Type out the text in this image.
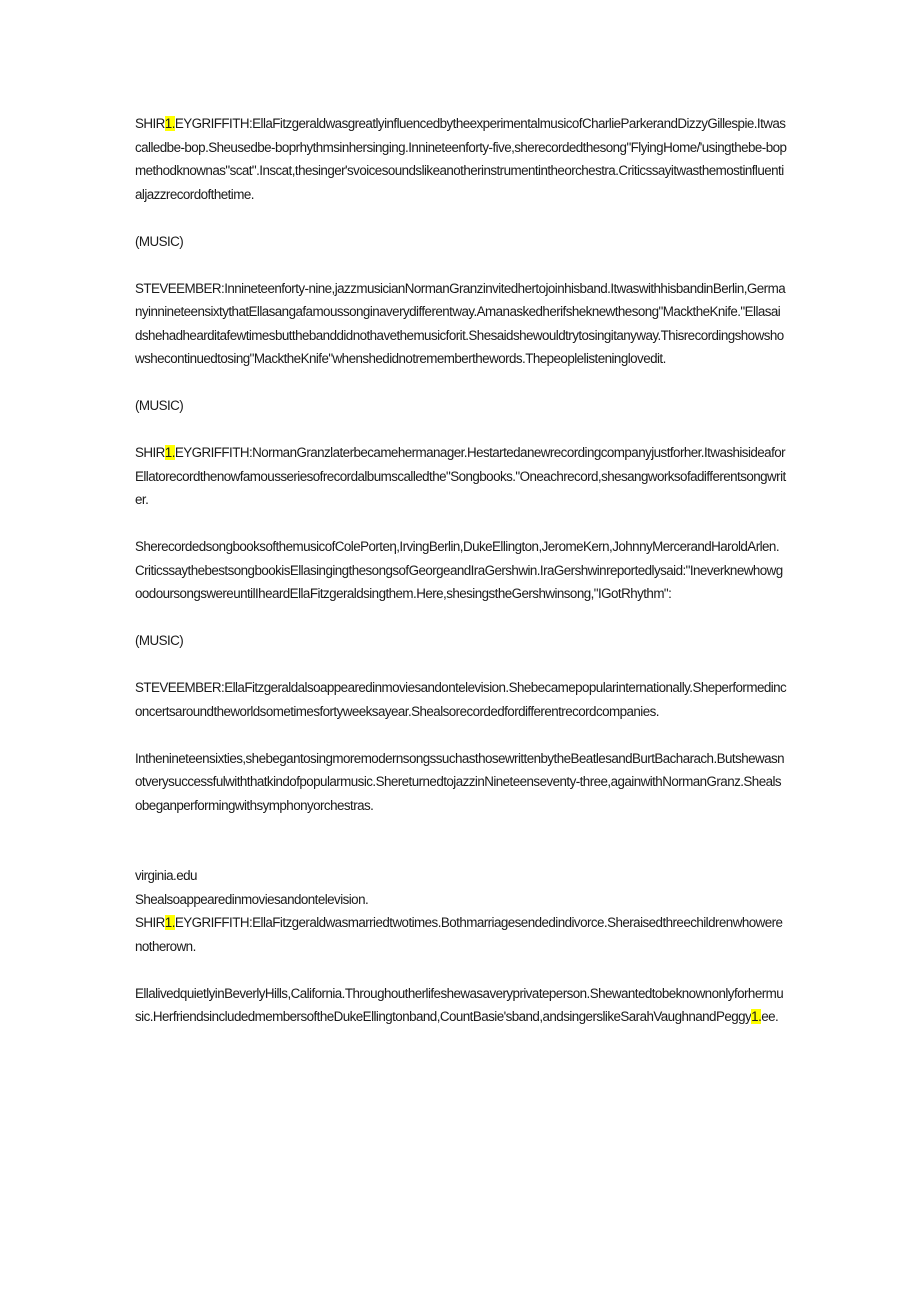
SHIR1.EYGRIFFITH:EllaFitzgeraldwasgreatlyinfluencedbytheexperimentalmusicofCharlieParkerandDizzyGillespie.Itwascalledbe-bop.Sheusedbe-boprhythmsinhersinging.Innineteenforty-five,sherecordedthesong"FlyingHome/'usingthebe-bopmethodknownas"scat".Inscat,thesinger'svoicesoundslikeanotherinstrumentintheorchestra.Criticssayitwasthemostinfluentialjazzrecordofthetime.

(MUSIC)

STEVEEMBER:Innineteenforty-nine,jazzmusicianNormanGranzinvitedhertojoinhisband.ItwaswithhisbandinBerlin,GermanyinnineteensixtythatEllasangafamoussonginaverydifferentway.Amanaskedherifsheknewthesong"MacktheKnife."Ellasaidshehadhearditafewtimesbutthebanddidnothavethemusicforit.Shesaidshewouldtrytosingitanyway.Thisrecordingshowshowshecontinuedtosing"MacktheKnife"whenshedidnotrememberthewords.Thepeoplelisteninglovedit.

(MUSIC)

SHIR1.EYGRIFFITH:NormanGranzlaterbecamehermanager.Hestartedanewrecordingcompanyjustforher.ItwashisideaforEllatorecordthenowfamousseriesofrecordalbumscalledthe"Songbooks."Oneachrecord,shesangworksofadifferentsongwriter.

SherecordedsongbooksofthemusicofColePorteη,IrvingBerlin,DukeEllington,JeromeKern,JohnnyMercerandHaroldArlen.CriticssaythebestsongbookisEllasingingthesongsofGeorgeandIraGershwin.IraGershwinreportedlysaid:"IneverknewhowgoodoursongswereuntilIheardEllaFitzgeraldsingthem.Here,shesingstheGershwinsong,"IGotRhythm":

(MUSIC)

STEVEEMBER:EllaFitzgeraldalsoappearedinmoviesandontelevision.Shebecamepopularinternationally.Sheperformedinconcertsaroundtheworldsometimesfortyweeksayear.Shealsorecordedfordifferentrecordcompanies.

Inthenineteensixties,shebegantosingmoremodernsongssuchasthosewrittenbytheBeatlesandBurtBacharach.Butshewasnotverysuccessfulwiththatkindofpopularmusic.ShereturnedtojazzinNineteenseventy-three,againwithNormanGranz.Shealsobeganperformingwithsymphonyorchestras.

virginia.edu

Shealsoappearedinmoviesandontelevision.

SHIR1.EYGRIFFITH:EllaFitzgeraldwasmarriedtwotimes.Bothmarriagesendedindivorce.Sheraisedthreechildrenwhowerenotherown.

EllalivedquietlyinBeverlyHills,California.Throughoutherlifeshewasaveryprivateperson.Shewantedtobeknownonlyforhermusic.HerfriendsincludedmembersoftheDukeEllingtonband,CountBasie'sband,andsingerslikeSarahVaughnandPeggy1.ee.
